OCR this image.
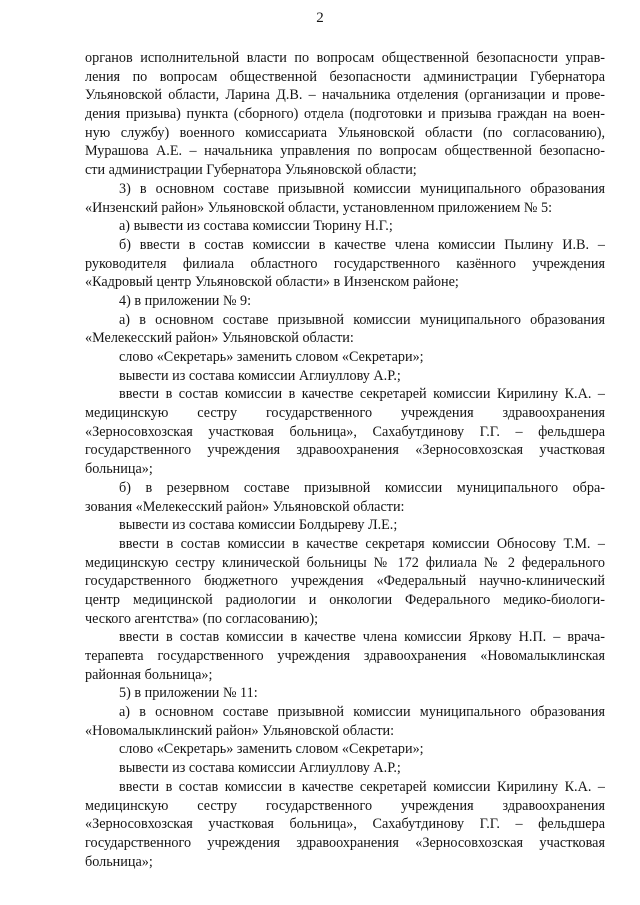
2
органов исполнительной власти по вопросам общественной безопасности управ-
ления по вопросам общественной безопасности администрации Губернатора
Ульяновской области, Ларина Д.В. – начальника отделения (организации и прове-
дения призыва) пункта (сборного) отдела (подготовки и призыва граждан на воен-
ную службу) военного комиссариата Ульяновской области (по согласованию),
Мурашова А.Е. – начальника управления по вопросам общественной безопасно-
сти администрации Губернатора Ульяновской области;
3) в основном составе призывной комиссии муниципального образования
«Инзенский район» Ульяновской области, установленном приложением № 5:
а) вывести из состава комиссии Тюрину Н.Г.;
б) ввести в состав комиссии в качестве члена комиссии Пылину И.В. –
руководителя филиала областного государственного казённого учреждения
«Кадровый центр Ульяновской области» в Инзенском районе;
4) в приложении № 9:
а) в основном составе призывной комиссии муниципального образования
«Мелекесский район» Ульяновской области:
слово «Секретарь» заменить словом «Секретари»;
вывести из состава комиссии Аглиуллову А.Р.;
ввести в состав комиссии в качестве секретарей комиссии Кирилину К.А. –
медицинскую сестру государственного учреждения здравоохранения
«Зерносовхозская участковая больница», Сахабутдинову Г.Г. – фельдшера
государственного учреждения здравоохранения «Зерносовхозская участковая
больница»;
б) в резервном составе призывной комиссии муниципального обра-
зования «Мелекесский район» Ульяновской области:
вывести из состава комиссии Болдыреву Л.Е.;
ввести в состав комиссии в качестве секретаря комиссии Обносову Т.М. –
медицинскую сестру клинической больницы № 172 филиала № 2 федерального
государственного бюджетного учреждения «Федеральный научно-клинический
центр медицинской радиологии и онкологии Федерального медико-биологи-
ческого агентства» (по согласованию);
ввести в состав комиссии в качестве члена комиссии Яркову Н.П. – врача-
терапевта государственного учреждения здравоохранения «Новомалыклинская
районная больница»;
5) в приложении № 11:
а) в основном составе призывной комиссии муниципального образования
«Новомалыклинский район» Ульяновской области:
слово «Секретарь» заменить словом «Секретари»;
вывести из состава комиссии Аглиуллову А.Р.;
ввести в состав комиссии в качестве секретарей комиссии Кирилину К.А. –
медицинскую сестру государственного учреждения здравоохранения
«Зерносовхозская участковая больница», Сахабутдинову Г.Г. – фельдшера
государственного учреждения здравоохранения «Зерносовхозская участковая
больница»;
